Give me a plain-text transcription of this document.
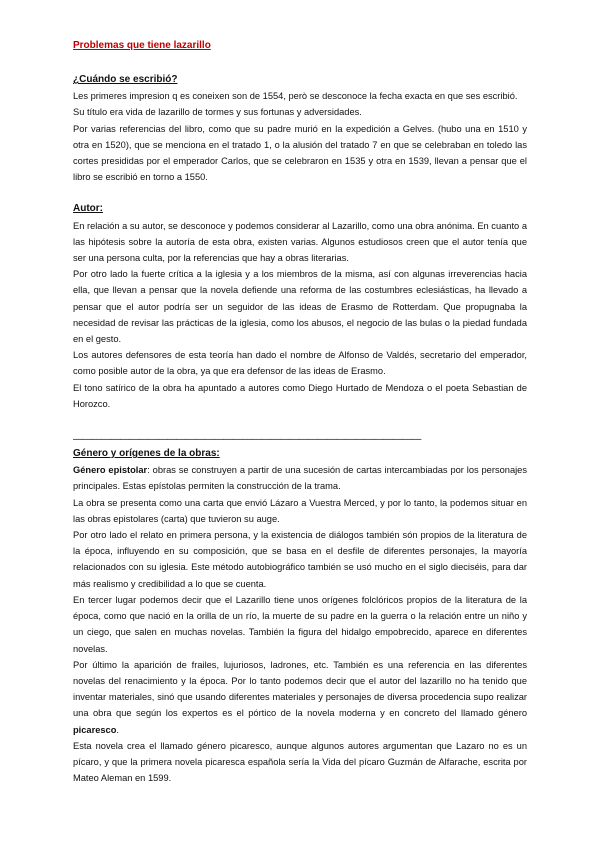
Problemas que tiene lazarillo
¿Cuándo se escribió?

Les primeres impresion q es coneixen son de 1554, però se desconoce la fecha exacta en que ses escribió.

Su título era vida de lazarillo de tormes y sus fortunas y adversidades.

Por varias referencias del libro, como que su padre murió en la expedición a Gelves. (hubo una en 1510 y otra en 1520), que se menciona en el tratado 1, o la alusión del tratado 7 en que se celebraban en toledo las cortes presididas por el emperador Carlos, que se celebraron en 1535 y otra en 1539, llevan a pensar que el libro se escribió en torno a 1550.

Autor:

En relación a su autor, se desconoce y podemos considerar al Lazarillo, como una obra anónima. En cuanto a las hipótesis sobre la autoría de esta obra, existen varias. Algunos estudiosos creen que el autor tenía que ser una persona culta, por la referencias que hay a obras literarias.

Por otro lado la fuerte crítica a la iglesia y a los miembros de la misma, así con algunas irreverencias hacia ella, que llevan a pensar que la novela defiende una reforma de las costumbres eclesiásticas, ha llevado a pensar que el autor podría ser un seguidor de las ideas de Erasmo de Rotterdam. Que propugnaba la necesidad de revisar las prácticas de la iglesia, como los abusos, el negocio de las bulas o la piedad fundada en el gesto.

Los autores defensores de esta teoría han dado el nombre de Alfonso de Valdés, secretario del emperador, como posible autor de la obra, ya que era defensor de las ideas de Erasmo.

El tono satírico de la obra ha apuntado a autores como Diego Hurtado de Mendoza o el poeta Sebastian de Horozco.

—————————————————————————————————————
Género y orígenes de la obras:

Género epistolar: obras se construyen a partir de una sucesión de cartas intercambiadas por los personajes principales. Estas epístolas permiten la construcción de la trama.

La obra se presenta como una carta que envió Lázaro a Vuestra Merced, y por lo tanto, la podemos situar en las obras epistolares (carta) que tuvieron su auge.

Por otro lado el relato en primera persona, y la existencia de diálogos también són propios de la literatura de la época, influyendo en su composición, que se basa en el desfile de diferentes personajes, la mayoría relacionados con su iglesia. Este método autobiográfico también se usó mucho en el siglo dieciséis, para dar más realismo y credibilidad a lo que se cuenta.

En tercer lugar podemos decir que el Lazarillo tiene unos orígenes folclóricos propios de la literatura de la época, como que nació en la orilla de un río, la muerte de su padre en la guerra o la relación entre un niño y un ciego, que salen en muchas novelas. También la figura del hidalgo empobrecido, aparece en diferentes novelas.

Por último la aparición de frailes, lujuriosos, ladrones, etc. También es una referencia en las diferentes novelas del renacimiento y la época. Por lo tanto podemos decir que el autor del lazarillo no ha tenido que inventar materiales, sinó que usando diferentes materiales y personajes de diversa procedencia supo realizar una obra que según los expertos es el pórtico de la novela moderna y en concreto del llamado género picaresco.

Esta novela crea el llamado género picaresco, aunque algunos autores argumentan que Lazaro no es un pícaro, y que la primera novela picaresca española sería la Vida del pícaro Guzmán de Alfarache, escrita por Mateo Aleman en 1599.
